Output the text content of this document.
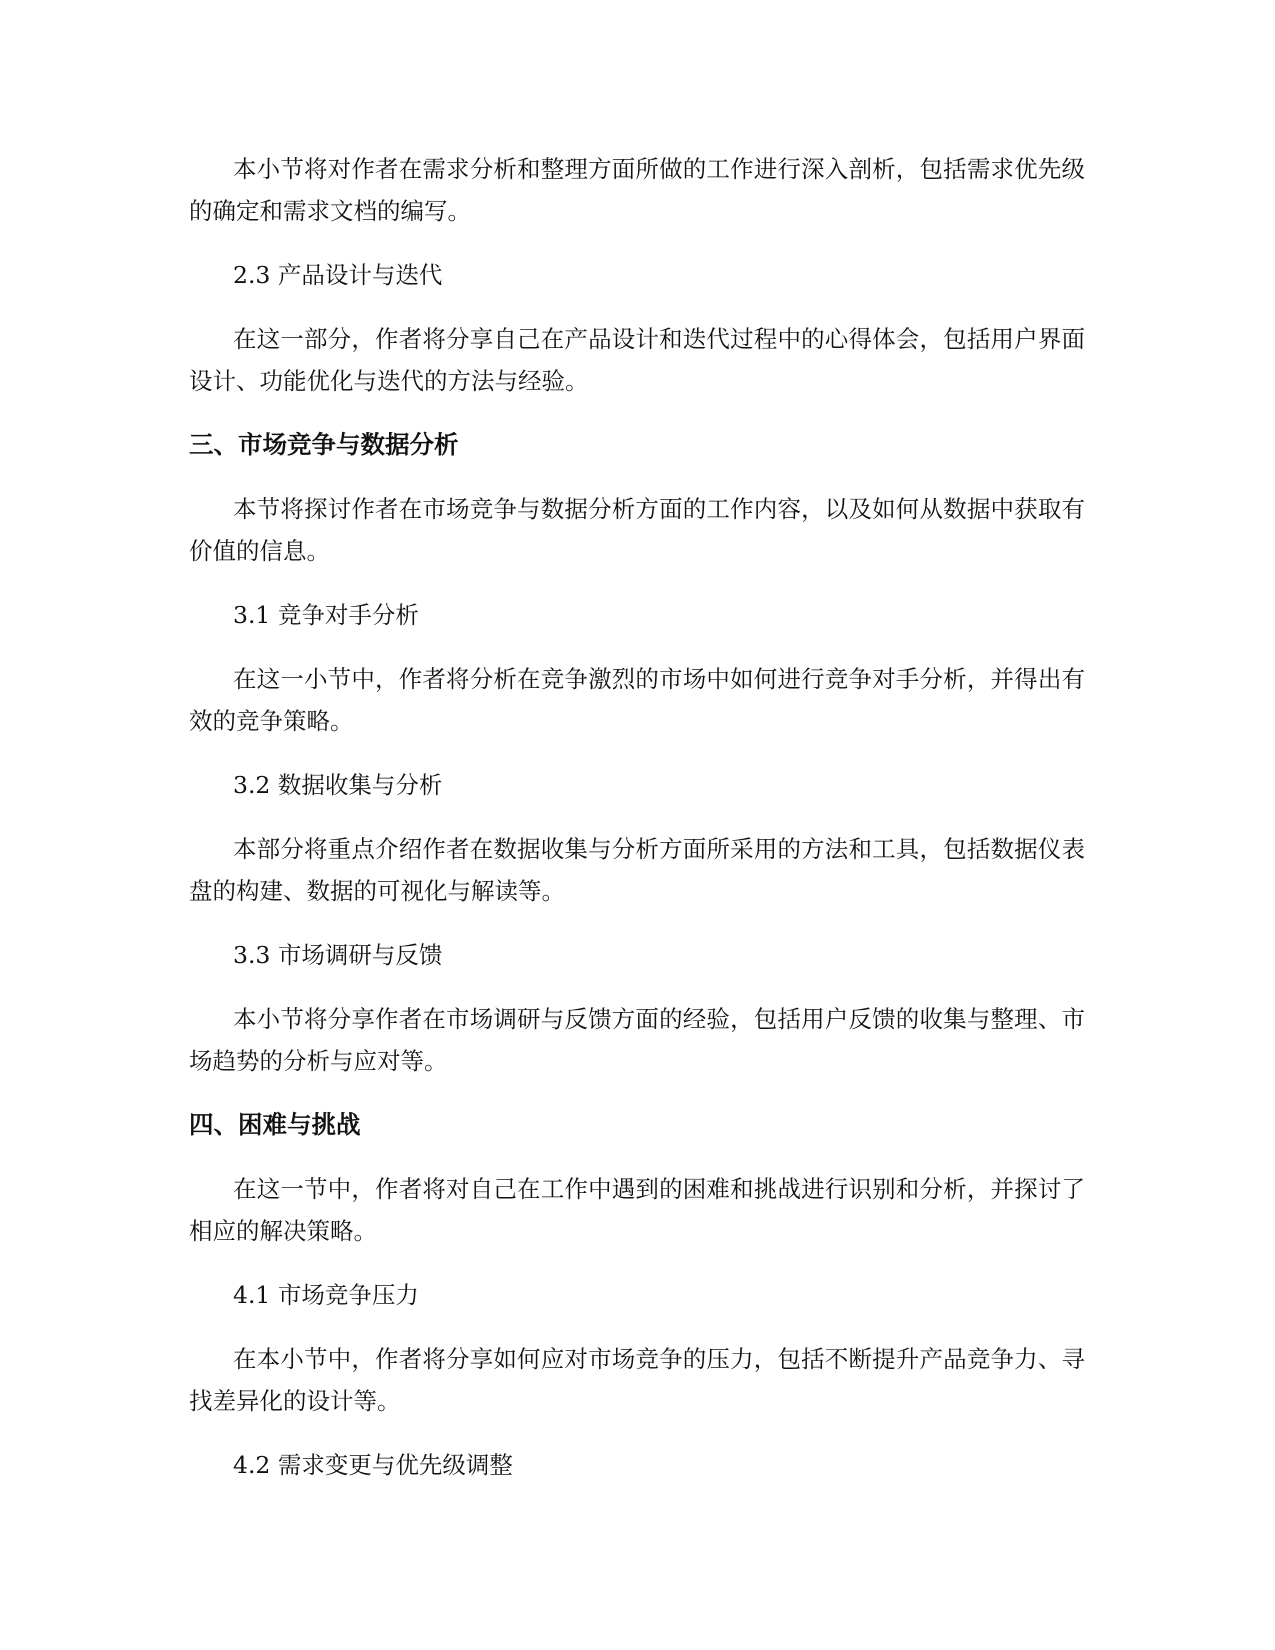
本小节将对作者在需求分析和整理方面所做的工作进行深入剖析，包括需求优先级的确定和需求文档的编写。

2.3 产品设计与迭代

在这一部分，作者将分享自己在产品设计和迭代过程中的心得体会，包括用户界面设计、功能优化与迭代的方法与经验。

三、市场竞争与数据分析

本节将探讨作者在市场竞争与数据分析方面的工作内容，以及如何从数据中获取有价值的信息。

3.1 竞争对手分析

在这一小节中，作者将分析在竞争激烈的市场中如何进行竞争对手分析，并得出有效的竞争策略。

3.2 数据收集与分析

本部分将重点介绍作者在数据收集与分析方面所采用的方法和工具，包括数据仪表盘的构建、数据的可视化与解读等。

3.3 市场调研与反馈

本小节将分享作者在市场调研与反馈方面的经验，包括用户反馈的收集与整理、市场趋势的分析与应对等。

四、困难与挑战

在这一节中，作者将对自己在工作中遇到的困难和挑战进行识别和分析，并探讨了相应的解决策略。

4.1 市场竞争压力

在本小节中，作者将分享如何应对市场竞争的压力，包括不断提升产品竞争力、寻找差异化的设计等。

4.2 需求变更与优先级调整
